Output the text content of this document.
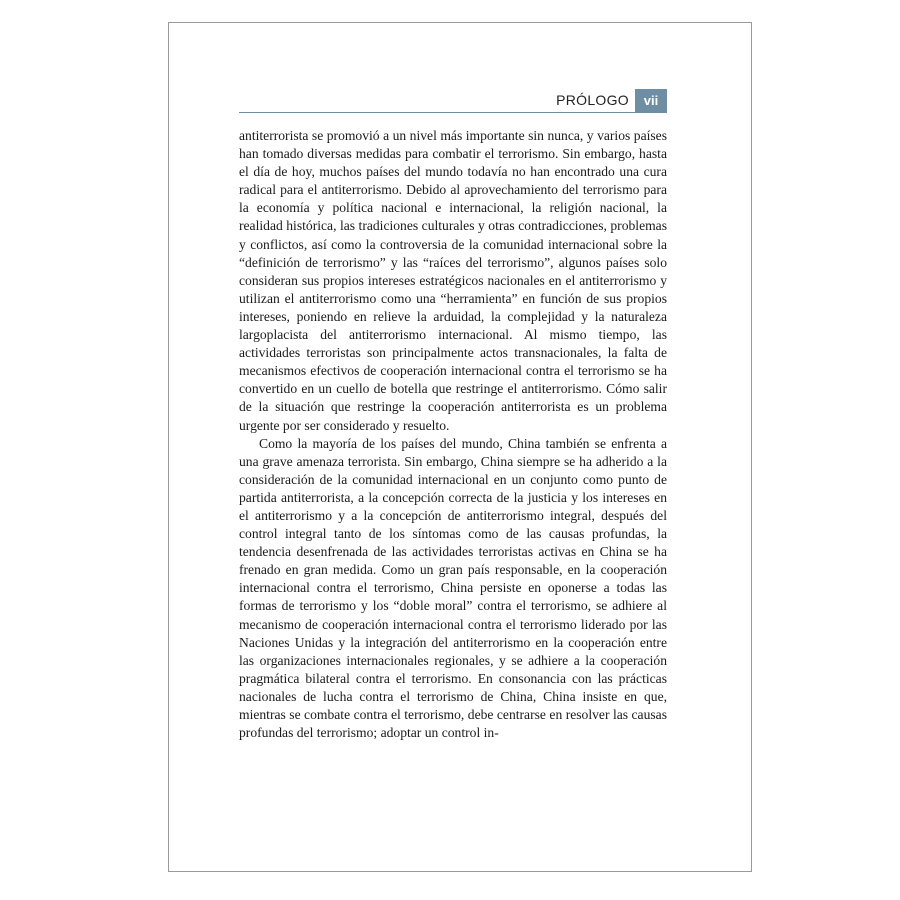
PRÓLOGO	vii

antiterrorista se promovió a un nivel más importante sin nunca, y varios países han tomado diversas medidas para combatir el terrorismo. Sin embargo, hasta el día de hoy, muchos países del mundo todavía no han encontrado una cura radical para el antiterrorismo. Debido al aprovechamiento del terrorismo para la economía y política nacional e internacional, la religión nacional, la realidad histórica, las tradiciones culturales y otras contradicciones, problemas y conflictos, así como la controversia de la comunidad internacional sobre la “definición de terrorismo” y las “raíces del terrorismo”, algunos países solo consideran sus propios intereses estratégicos nacionales en el antiterrorismo y utilizan el antiterrorismo como una “herramienta” en función de sus propios intereses, poniendo en relieve la arduidad, la complejidad y la naturaleza largoplacista del antiterrorismo internacional. Al mismo tiempo, las actividades terroristas son principalmente actos transnacionales, la falta de mecanismos efectivos de cooperación internacional contra el terrorismo se ha convertido en un cuello de botella que restringe el antiterrorismo. Cómo salir de la situación que restringe la cooperación antiterrorista es un problema urgente por ser considerado y resuelto.

Como la mayoría de los países del mundo, China también se enfrenta a una grave amenaza terrorista. Sin embargo, China siempre se ha adherido a la consideración de la comunidad internacional en un conjunto como punto de partida antiterrorista, a la concepción correcta de la justicia y los intereses en el antiterrorismo y a la concepción de antiterrorismo integral, después del control integral tanto de los síntomas como de las causas profundas, la tendencia desenfrenada de las actividades terroristas activas en China se ha frenado en gran medida. Como un gran país responsable, en la cooperación internacional contra el terrorismo, China persiste en oponerse a todas las formas de terrorismo y los “doble moral” contra el terrorismo, se adhiere al mecanismo de cooperación internacional contra el terrorismo liderado por las Naciones Unidas y la integración del antiterrorismo en la cooperación entre las organizaciones internacionales regionales, y se adhiere a la cooperación pragmática bilateral contra el terrorismo. En consonancia con las prácticas nacionales de lucha contra el terrorismo de China, China insiste en que, mientras se combate contra el terrorismo, debe centrarse en resolver las causas profundas del terrorismo; adoptar un control in-
